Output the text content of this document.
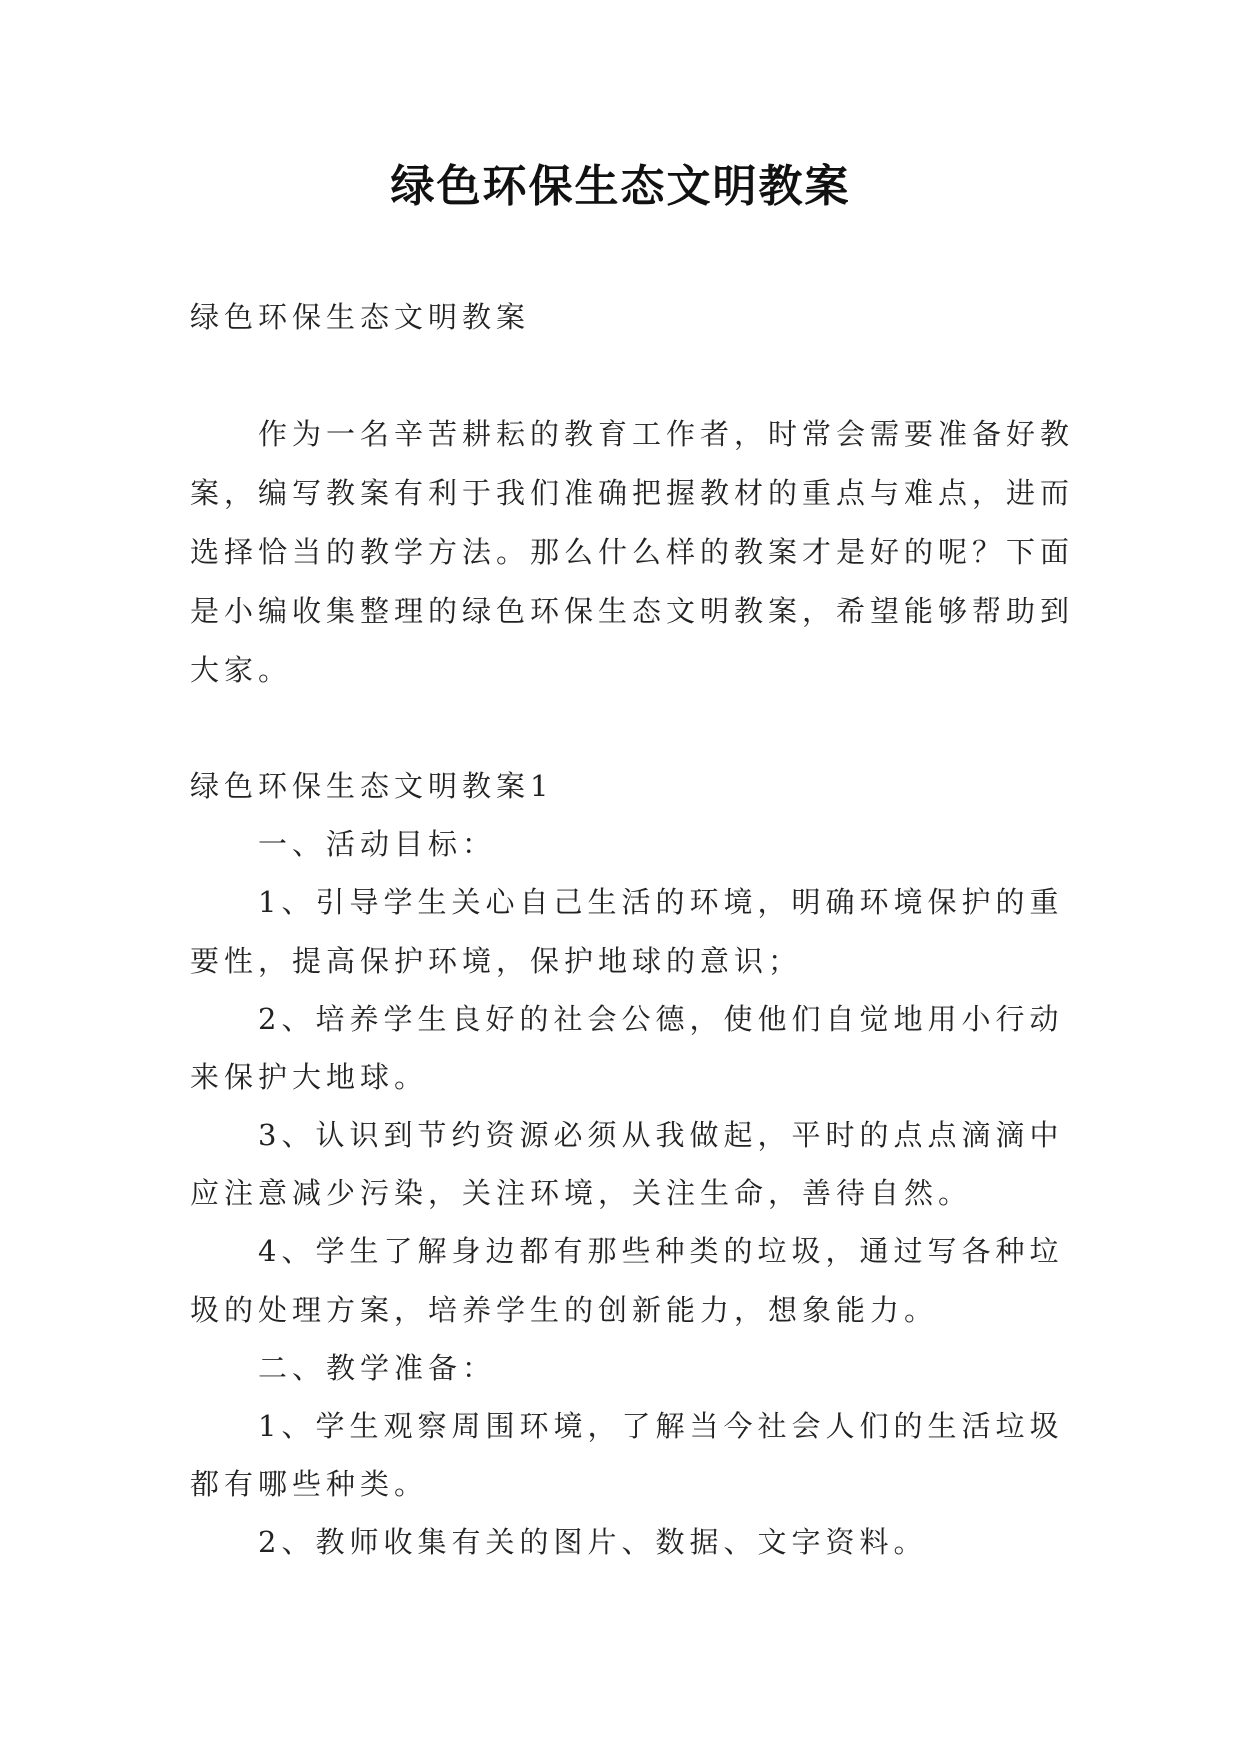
绿色环保生态文明教案
绿色环保生态文明教案
作为一名辛苦耕耘的教育工作者，时常会需要准备好教
案，编写教案有利于我们准确把握教材的重点与难点，进而
选择恰当的教学方法。那么什么样的教案才是好的呢？下面
是小编收集整理的绿色环保生态文明教案，希望能够帮助到
大家。
绿色环保生态文明教案1
一、活动目标：
1、引导学生关心自己生活的环境，明确环境保护的重
要性，提高保护环境，保护地球的意识；
2、培养学生良好的社会公德，使他们自觉地用小行动
来保护大地球。
3、认识到节约资源必须从我做起，平时的点点滴滴中
应注意减少污染，关注环境，关注生命，善待自然。
4、学生了解身边都有那些种类的垃圾，通过写各种垃
圾的处理方案，培养学生的创新能力，想象能力。
二、教学准备：
1、学生观察周围环境，了解当今社会人们的生活垃圾
都有哪些种类。
2、教师收集有关的图片、数据、文字资料。
